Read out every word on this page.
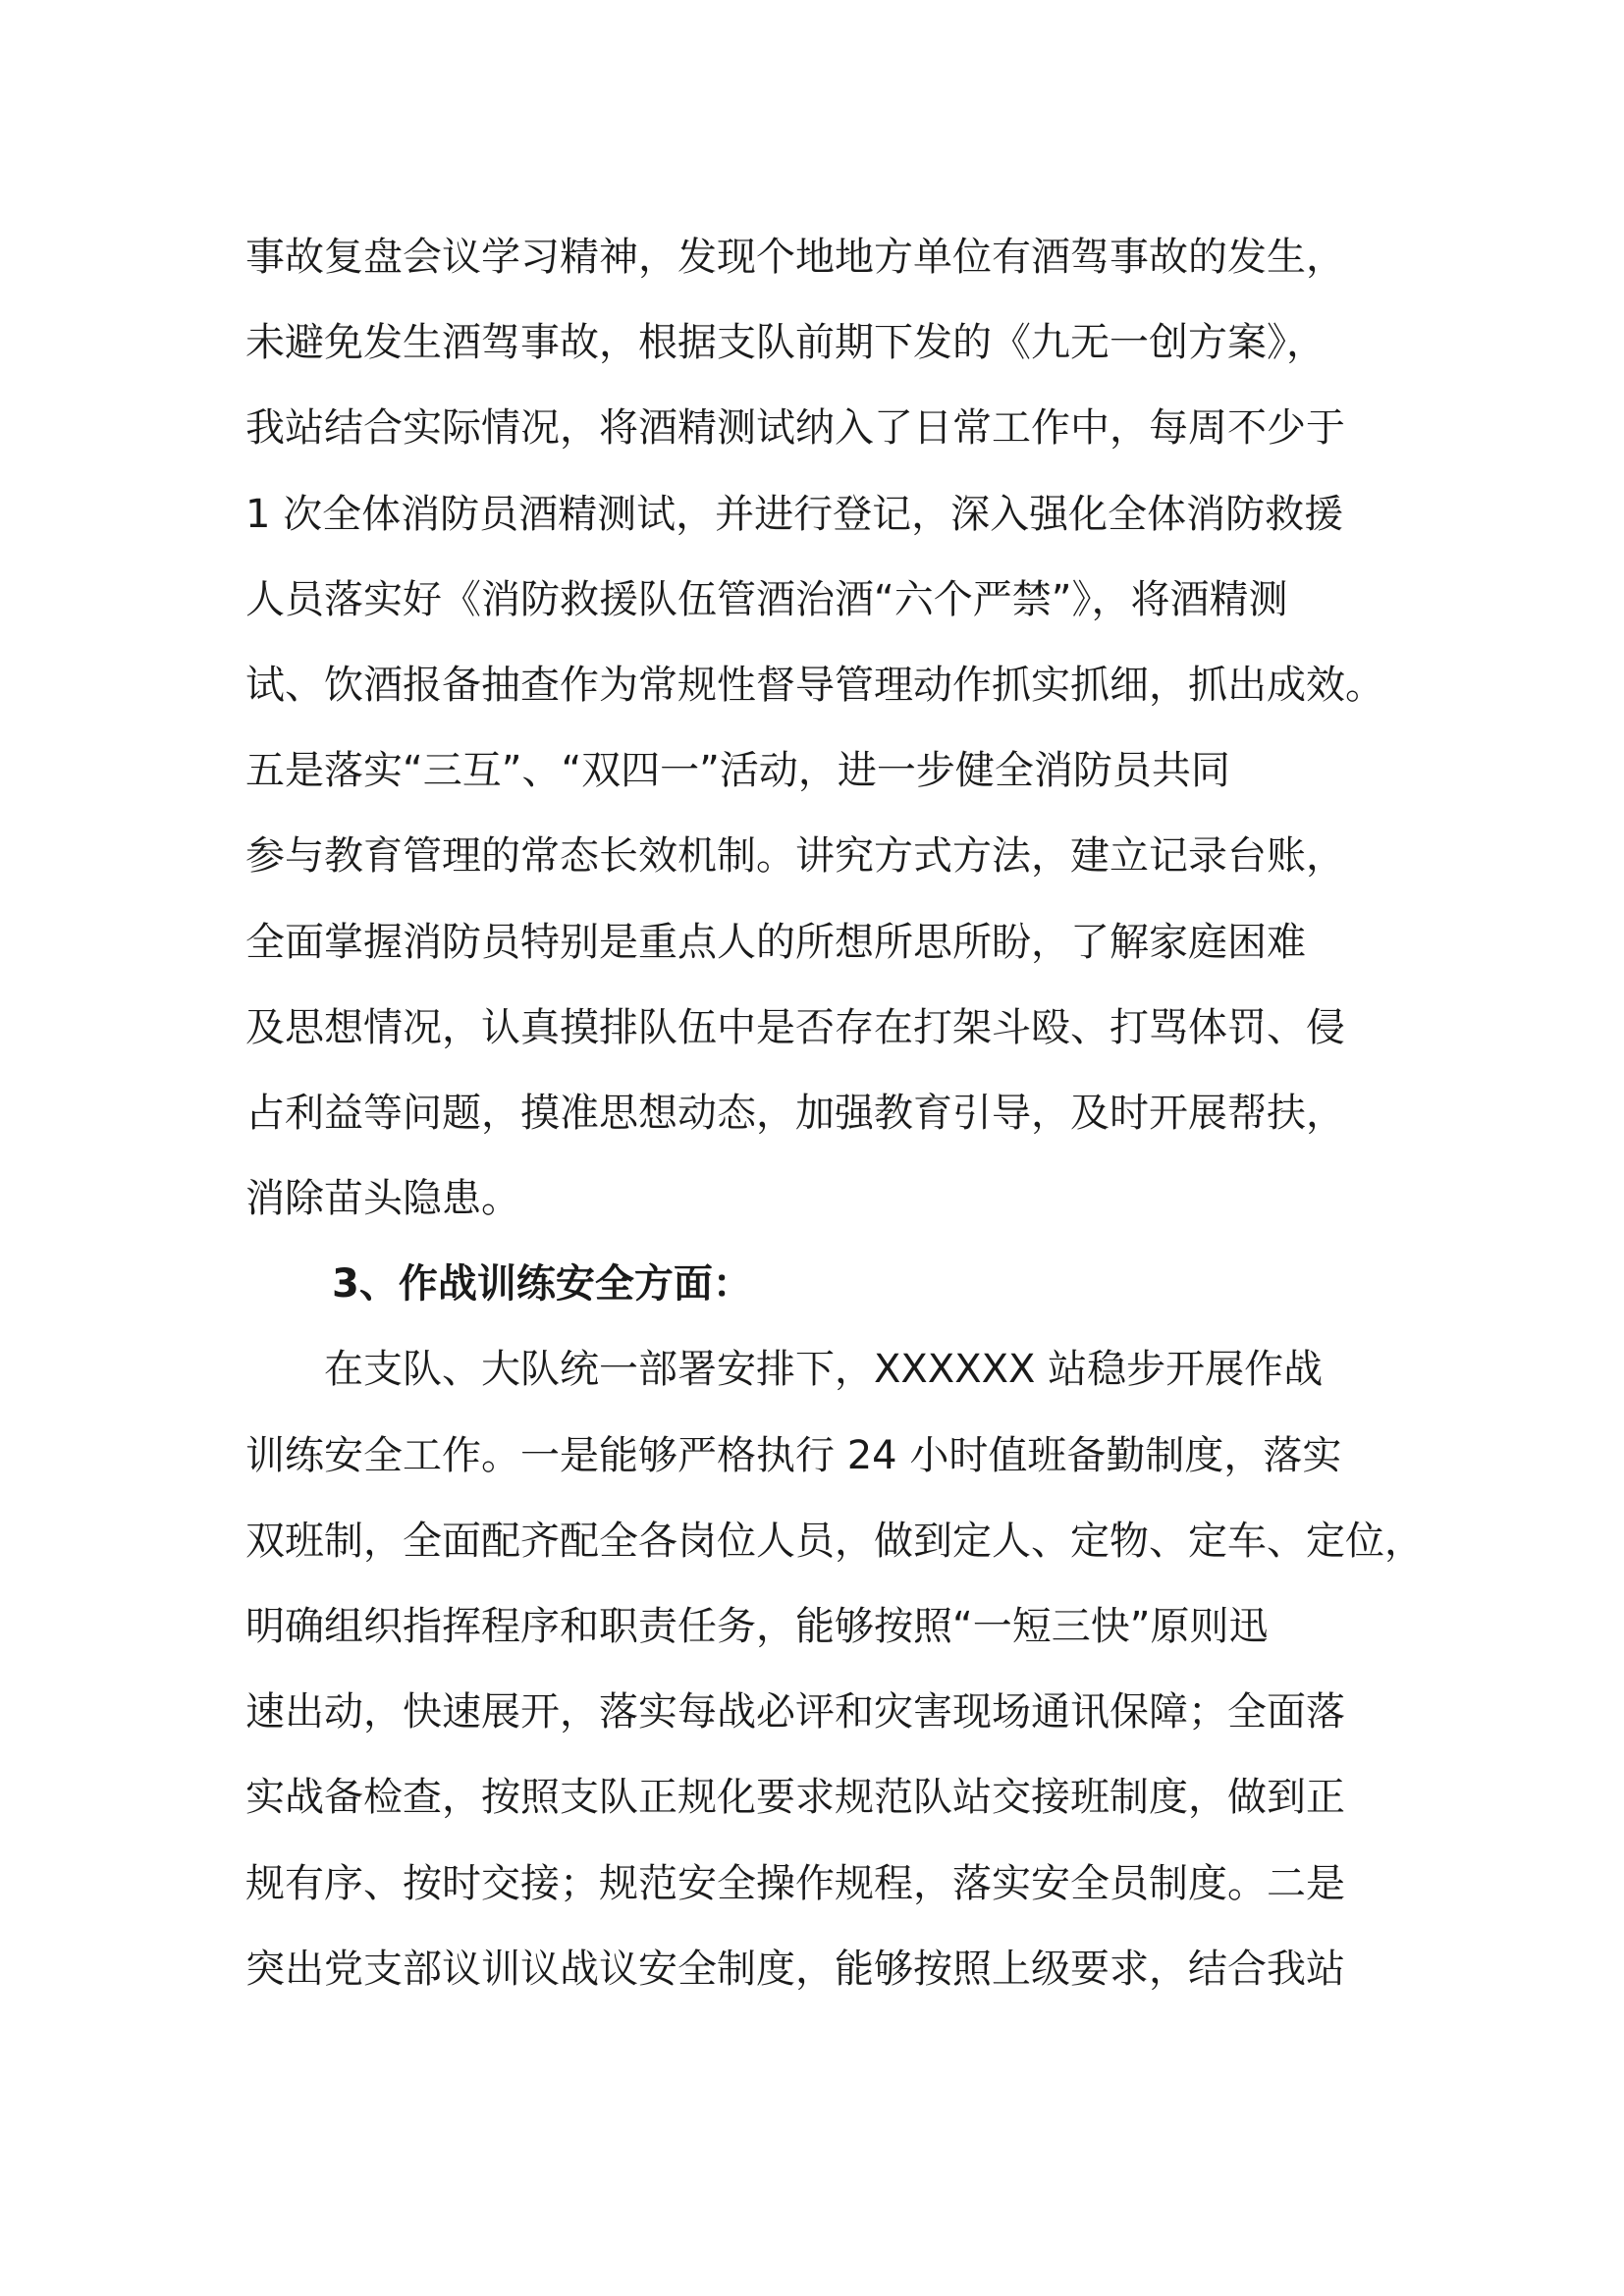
事故复盘会议学习精神，发现个地地方单位有酒驾事故的发生，
未避免发生酒驾事故，根据支队前期下发的《九无一创方案》，
我站结合实际情况，将酒精测试纳入了日常工作中，每周不少于
1 次全体消防员酒精测试，并进行登记，深入强化全体消防救援
人员落实好《消防救援队伍管酒治酒“六个严禁”》，将酒精测
试、饮酒报备抽查作为常规性督导管理动作抓实抓细，抓出成效。
五是落实“三互”、“双四一”活动，进一步健全消防员共同
参与教育管理的常态长效机制。讲究方式方法，建立记录台账，
全面掌握消防员特别是重点人的所想所思所盼，了解家庭困难
及思想情况，认真摸排队伍中是否存在打架斗殴、打骂体罚、侵
占利益等问题，摸准思想动态，加强教育引导，及时开展帮扶，
消除苗头隐患。
3、作战训练安全方面：
在支队、大队统一部署安排下，XXXXXX 站稳步开展作战
训练安全工作。一是能够严格执行 24 小时值班备勤制度，落实
双班制，全面配齐配全各岗位人员，做到定人、定物、定车、定位，
明确组织指挥程序和职责任务，能够按照“一短三快”原则迅
速出动，快速展开，落实每战必评和灾害现场通讯保障；全面落
实战备检查，按照支队正规化要求规范队站交接班制度，做到正
规有序、按时交接；规范安全操作规程，落实安全员制度。二是
突出党支部议训议战议安全制度，能够按照上级要求，结合我站
